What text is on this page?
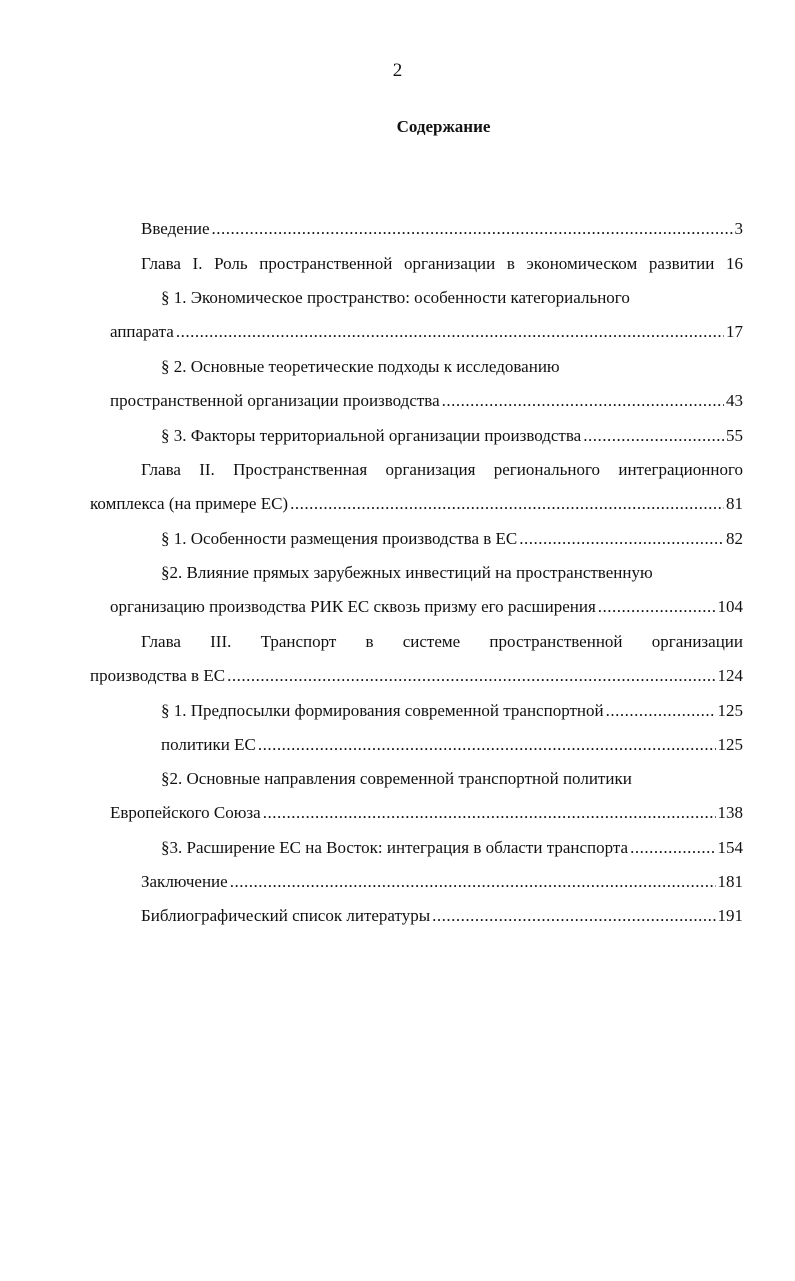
2
Содержание
Введение .....	3
Глава I. Роль пространственной организации в экономическом развитии 16
§ 1. Экономическое пространство: особенности категориального
аппарата .....	17
§ 2. Основные теоретические подходы к исследованию
пространственной организации производства .....	43
§ 3. Факторы территориальной организации производства .....	55
Глава II. Пространственная организация регионального интеграционного
комплекса (на примере ЕС) .....	81
§ 1. Особенности размещения производства в ЕС .....	82
§2. Влияние прямых зарубежных инвестиций на пространственную
организацию производства РИК ЕС сквозь призму его расширения .....	104
Глава III. Транспорт в системе пространственной организации
производства в ЕС .....	124
§ 1. Предпосылки формирования современной транспортной .....	125
политики ЕС .....	125
§2. Основные направления современной транспортной политики
Европейского Союза .....	138
§3. Расширение ЕС на Восток: интеграция в области транспорта .....	154
Заключение .....	181
Библиографический список литературы .....	191
